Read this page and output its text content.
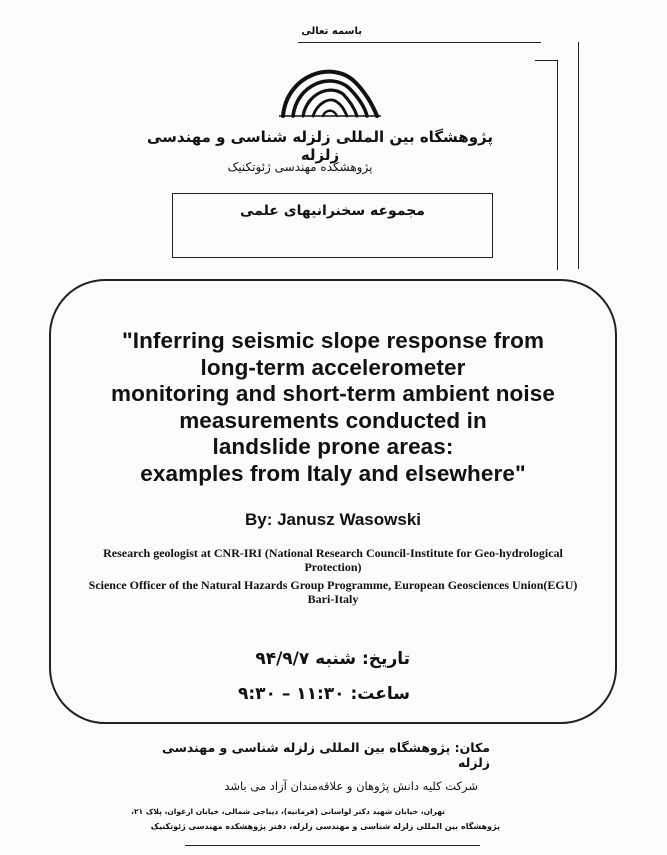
باسمه تعالی
پژوهشگاه بین المللی زلزله شناسی و مهندسی زلزله
پژوهشکده مهندسی ژئوتکنیک
مجموعه سخنرانیهای علمی
"Inferring seismic slope response from
long-term accelerometer
monitoring and short-term ambient noise
measurements conducted in
landslide prone areas:
examples from Italy and elsewhere"
By: Janusz Wasowski
Research geologist at CNR-IRI (National Research Council-Institute for Geo-hydrological
Protection)
Science Officer of the Natural Hazards Group Programme, European Geosciences Union(EGU)
Bari-Italy
تاریخ: شنبه ۹۴/۹/۷
ساعت: ۱۱:۳۰ – ۹:۳۰
مکان: پژوهشگاه بین المللی زلزله شناسی و مهندسی زلزله
شرکت کلیه دانش پژوهان و علاقه‌مندان آزاد می باشد
تهران، خیابان شهید دکتر لواسانی (فرمانیه)، دیباجی شمالی، خیابان ارغوان، پلاک ۲۱،
پژوهشگاه بین المللی زلزله شناسی و مهندسی زلزله، دفتر پژوهشکده مهندسی ژئوتکنیک
